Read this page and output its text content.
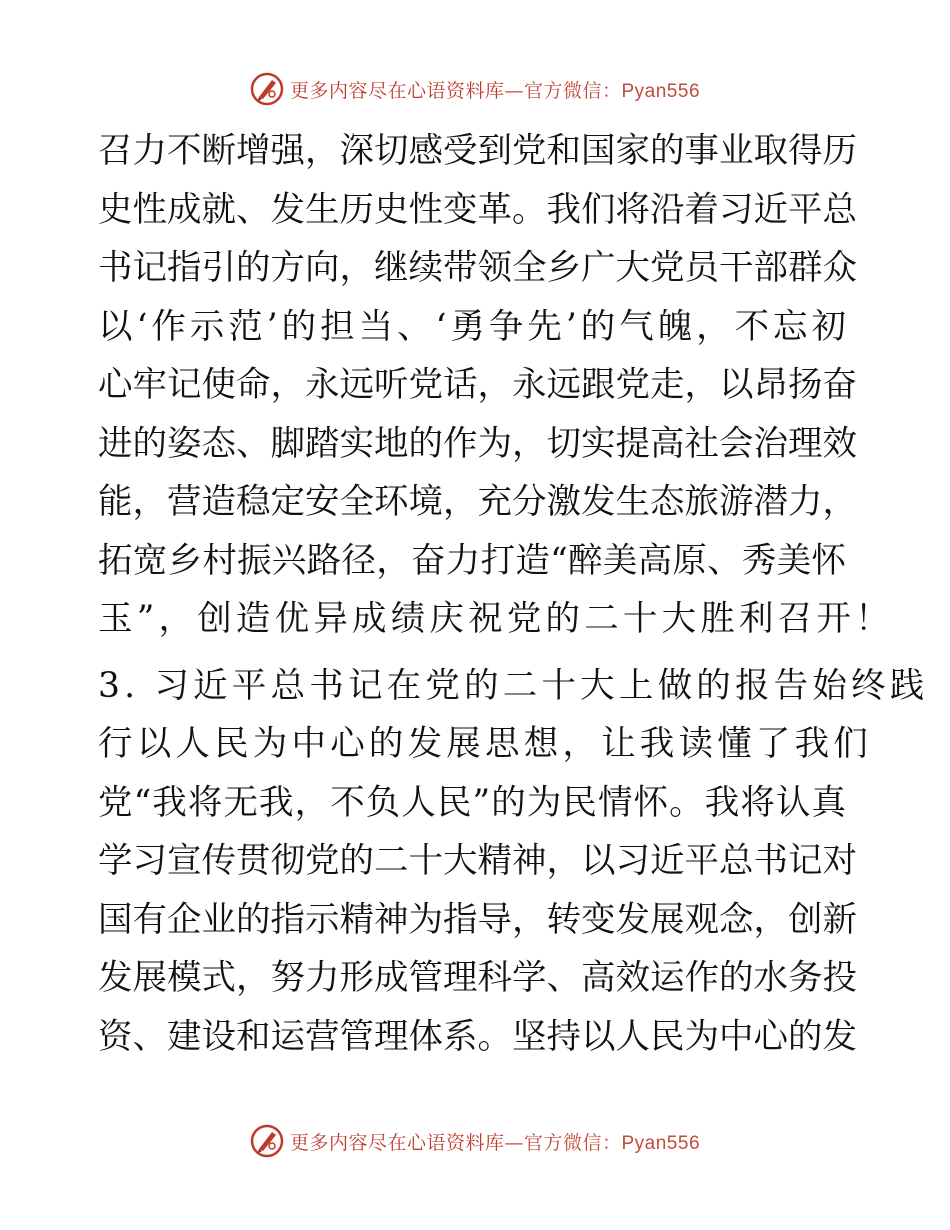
更多内容尽在心语资料库—官方微信：Pyan556
召力不断增强，深切感受到党和国家的事业取得历
史性成就、发生历史性变革。我们将沿着习近平总
书记指引的方向，继续带领全乡广大党员干部群众
以‘作示范’的担当、‘勇争先’的气魄，不忘初
心牢记使命，永远听党话，永远跟党走，以昂扬奋
进的姿态、脚踏实地的作为，切实提高社会治理效
能，营造稳定安全环境，充分激发生态旅游潜力，
拓宽乡村振兴路径，奋力打造“醉美高原、秀美怀
玉”，创造优异成绩庆祝党的二十大胜利召开！
3. 习近平总书记在党的二十大上做的报告始终践
行以人民为中心的发展思想，让我读懂了我们
党“我将无我，不负人民”的为民情怀。我将认真
学习宣传贯彻党的二十大精神，以习近平总书记对
国有企业的指示精神为指导，转变发展观念，创新
发展模式，努力形成管理科学、高效运作的水务投
资、建设和运营管理体系。坚持以人民为中心的发
更多内容尽在心语资料库—官方微信：Pyan556
